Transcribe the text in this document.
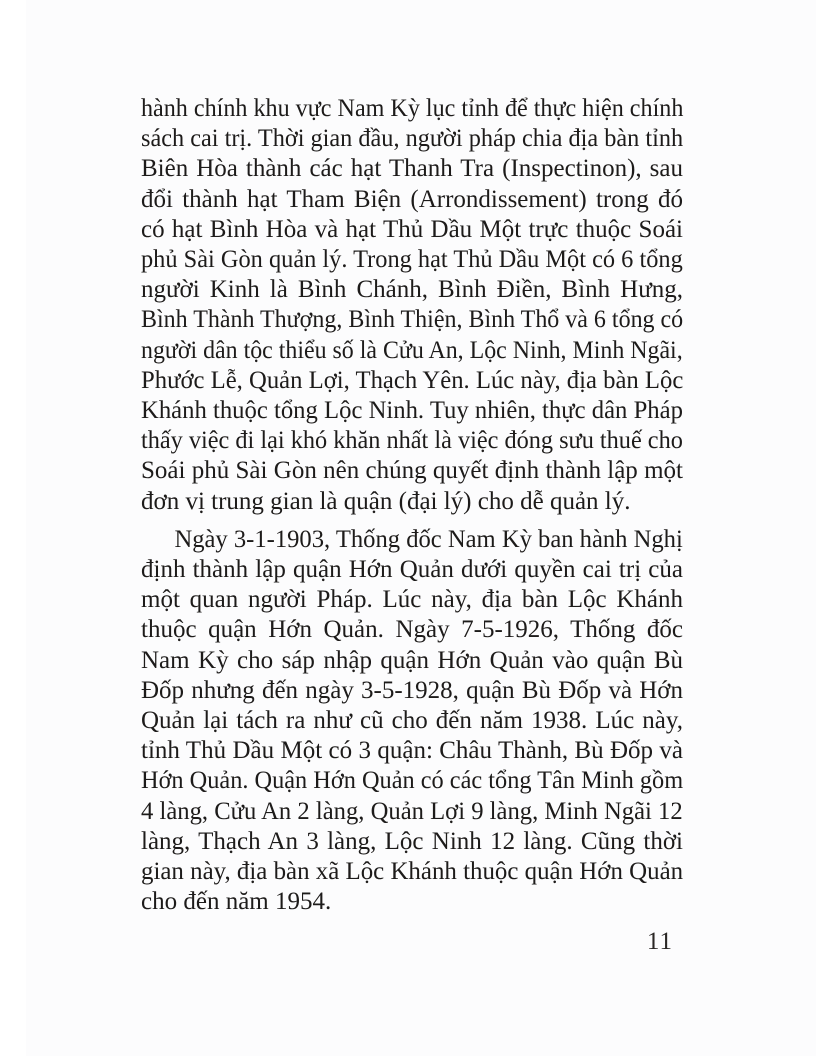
hành chính khu vực Nam Kỳ lục tỉnh để thực hiện chính
sách cai trị. Thời gian đầu, người pháp chia địa bàn tỉnh
Biên Hòa thành các hạt Thanh Tra (Inspectinon), sau
đổi thành hạt Tham Biện (Arrondissement) trong đó
có hạt Bình Hòa và hạt Thủ Dầu Một trực thuộc Soái
phủ Sài Gòn quản lý. Trong hạt Thủ Dầu Một có 6 tổng
người Kinh là Bình Chánh, Bình Điền, Bình Hưng,
Bình Thành Thượng, Bình Thiện, Bình Thổ và 6 tổng có
người dân tộc thiểu số là Cửu An, Lộc Ninh, Minh Ngãi,
Phước Lễ, Quản Lợi, Thạch Yên. Lúc này, địa bàn Lộc
Khánh thuộc tổng Lộc Ninh. Tuy nhiên, thực dân Pháp
thấy việc đi lại khó khăn nhất là việc đóng sưu thuế cho
Soái phủ Sài Gòn nên chúng quyết định thành lập một
đơn vị trung gian là quận (đại lý) cho dễ quản lý.
Ngày 3-1-1903, Thống đốc Nam Kỳ ban hành Nghị
định thành lập quận Hớn Quản dưới quyền cai trị của
một quan người Pháp. Lúc này, địa bàn Lộc Khánh
thuộc quận Hớn Quản. Ngày 7-5-1926, Thống đốc
Nam Kỳ cho sáp nhập quận Hớn Quản vào quận Bù
Đốp nhưng đến ngày 3-5-1928, quận Bù Đốp và Hớn
Quản lại tách ra như cũ cho đến năm 1938. Lúc này,
tỉnh Thủ Dầu Một có 3 quận: Châu Thành, Bù Đốp và
Hớn Quản. Quận Hớn Quản có các tổng Tân Minh gồm
4 làng, Cửu An 2 làng, Quản Lợi 9 làng, Minh Ngãi 12
làng, Thạch An 3 làng, Lộc Ninh 12 làng. Cũng thời
gian này, địa bàn xã Lộc Khánh thuộc quận Hớn Quản
cho đến năm 1954.
11
